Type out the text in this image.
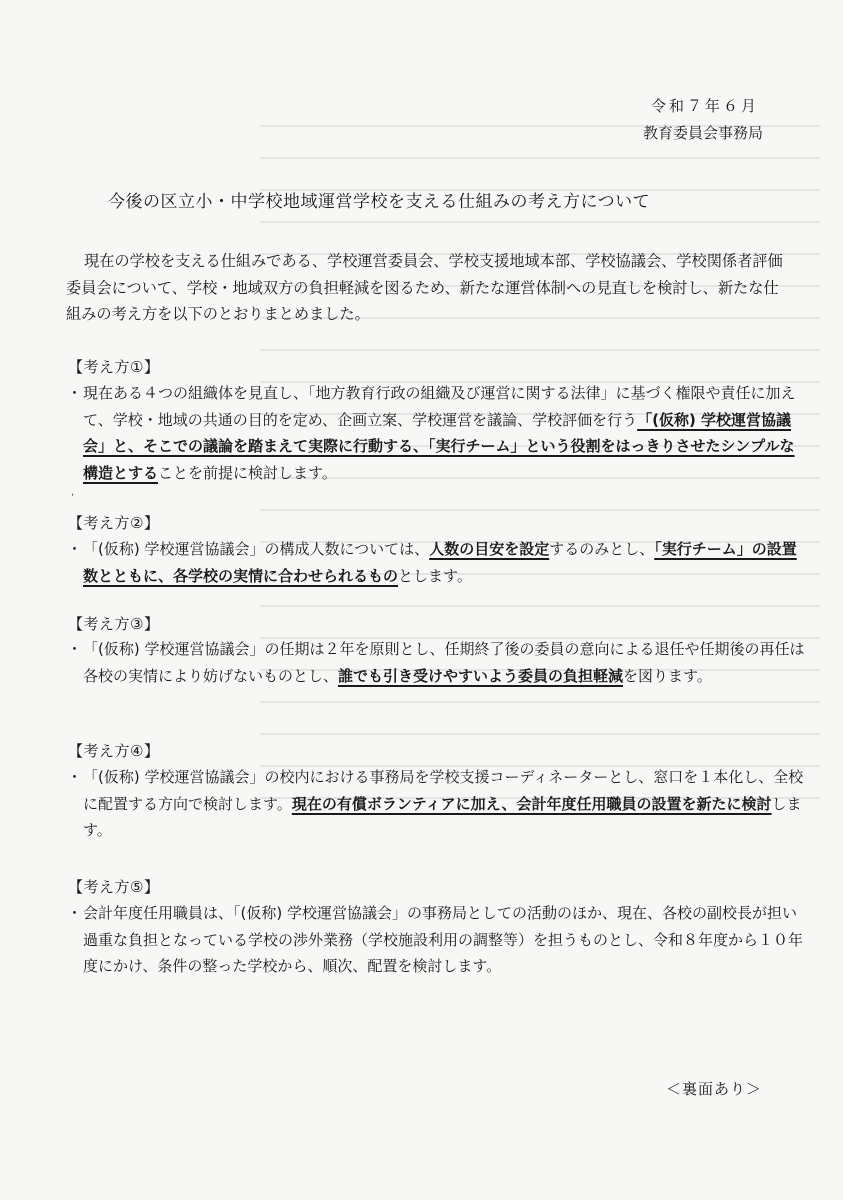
令和７年６月
教育委員会事務局
今後の区立小・中学校地域運営学校を支える仕組みの考え方について
現在の学校を支える仕組みである、学校運営委員会、学校支援地域本部、学校協議会、学校関係者評価委員会について、学校・地域双方の負担軽減を図るため、新たな運営体制への見直しを検討し、新たな仕組みの考え方を以下のとおりまとめました。
【考え方①】
・現在ある４つの組織体を見直し、「地方教育行政の組織及び運営に関する法律」に基づく権限や責任に加えて、学校・地域の共通の目的を定め、企画立案、学校運営を議論、学校評価を行う「(仮称) 学校運営協議会」と、そこでの議論を踏まえて実際に行動する、「実行チーム」という役割をはっきりさせたシンプルな構造とすることを前提に検討します。
,
【考え方②】
・「(仮称) 学校運営協議会」の構成人数については、人数の目安を設定するのみとし、「実行チーム」の設置数とともに、各学校の実情に合わせられるものとします。
【考え方③】
・「(仮称) 学校運営協議会」の任期は２年を原則とし、任期終了後の委員の意向による退任や任期後の再任は各校の実情により妨げないものとし、誰でも引き受けやすいよう委員の負担軽減を図ります。
【考え方④】
・「(仮称) 学校運営協議会」の校内における事務局を学校支援コーディネーターとし、窓口を１本化し、全校に配置する方向で検討します。現在の有償ボランティアに加え、会計年度任用職員の設置を新たに検討します。
【考え方⑤】
・会計年度任用職員は、「(仮称) 学校運営協議会」の事務局としての活動のほか、現在、各校の副校長が担い過重な負担となっている学校の渉外業務（学校施設利用の調整等）を担うものとし、令和８年度から１０年度にかけ、条件の整った学校から、順次、配置を検討します。
＜裏面あり＞
